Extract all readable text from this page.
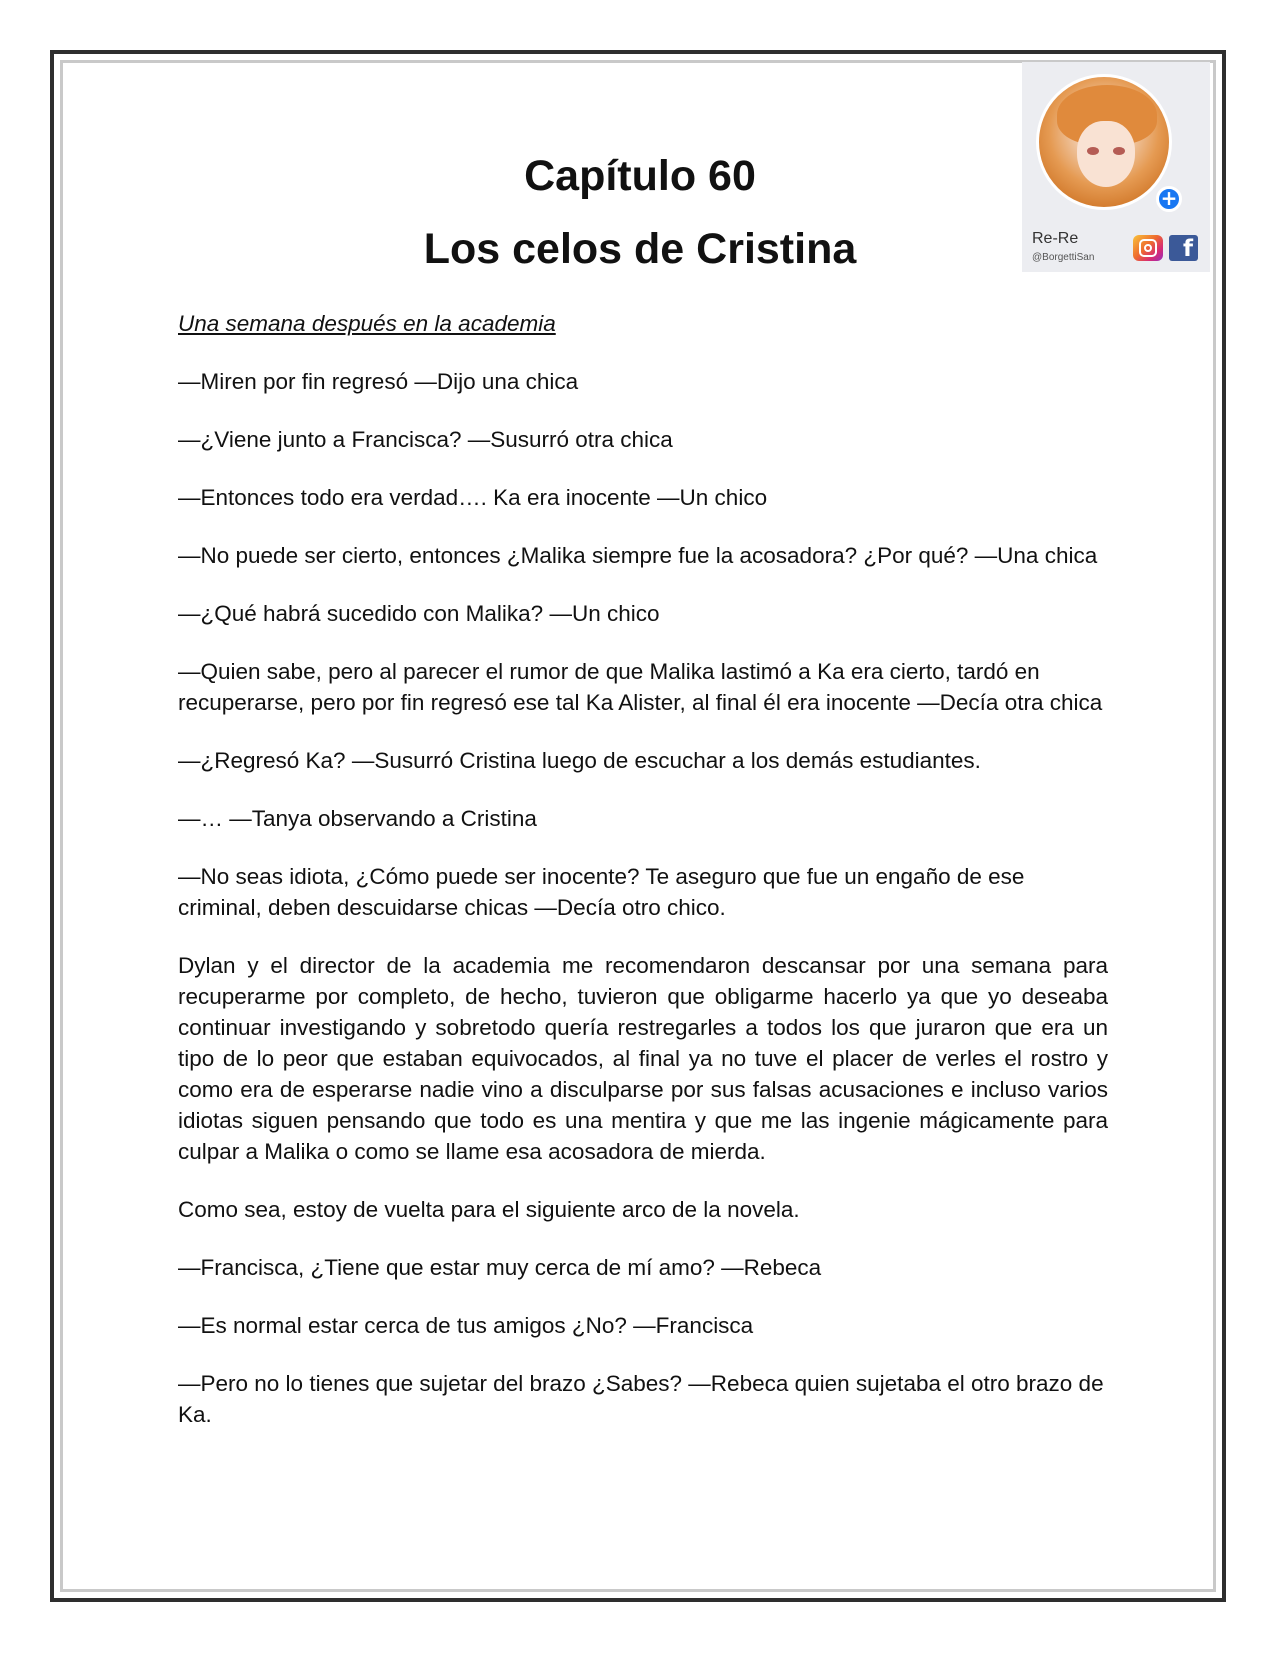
Capítulo 60
Los celos de Cristina
+
Re-Re
@BorgettiSan	f

Una semana después en la academia

—Miren por fin regresó —Dijo una chica

—¿Viene junto a Francisca? —Susurró otra chica

—Entonces todo era verdad…. Ka era inocente —Un chico

—No puede ser cierto, entonces ¿Malika siempre fue la acosadora? ¿Por qué? —Una chica

—¿Qué habrá sucedido con Malika? —Un chico

—Quien sabe, pero al parecer el rumor de que Malika lastimó a Ka era cierto, tardó en recuperarse, pero por fin regresó ese tal Ka Alister, al final él era inocente —Decía otra chica

—¿Regresó Ka? —Susurró Cristina luego de escuchar a los demás estudiantes.

—… —Tanya observando a Cristina

—No seas idiota, ¿Cómo puede ser inocente? Te aseguro que fue un engaño de ese criminal, deben descuidarse chicas —Decía otro chico.

Dylan y el director de la academia me recomendaron descansar por una semana para recuperarme por completo, de hecho, tuvieron que obligarme hacerlo ya que yo deseaba continuar investigando y sobretodo quería restregarles a todos los que juraron que era un tipo de lo peor que estaban equivocados, al final ya no tuve el placer de verles el rostro y como era de esperarse nadie vino a disculparse por sus falsas acusaciones e incluso varios idiotas siguen pensando que todo es una mentira y que me las ingenie mágicamente para culpar a Malika o como se llame esa acosadora de mierda.

Como sea, estoy de vuelta para el siguiente arco de la novela.

—Francisca, ¿Tiene que estar muy cerca de mí amo? —Rebeca

—Es normal estar cerca de tus amigos ¿No? —Francisca

—Pero no lo tienes que sujetar del brazo ¿Sabes? —Rebeca quien sujetaba el otro brazo de Ka.
